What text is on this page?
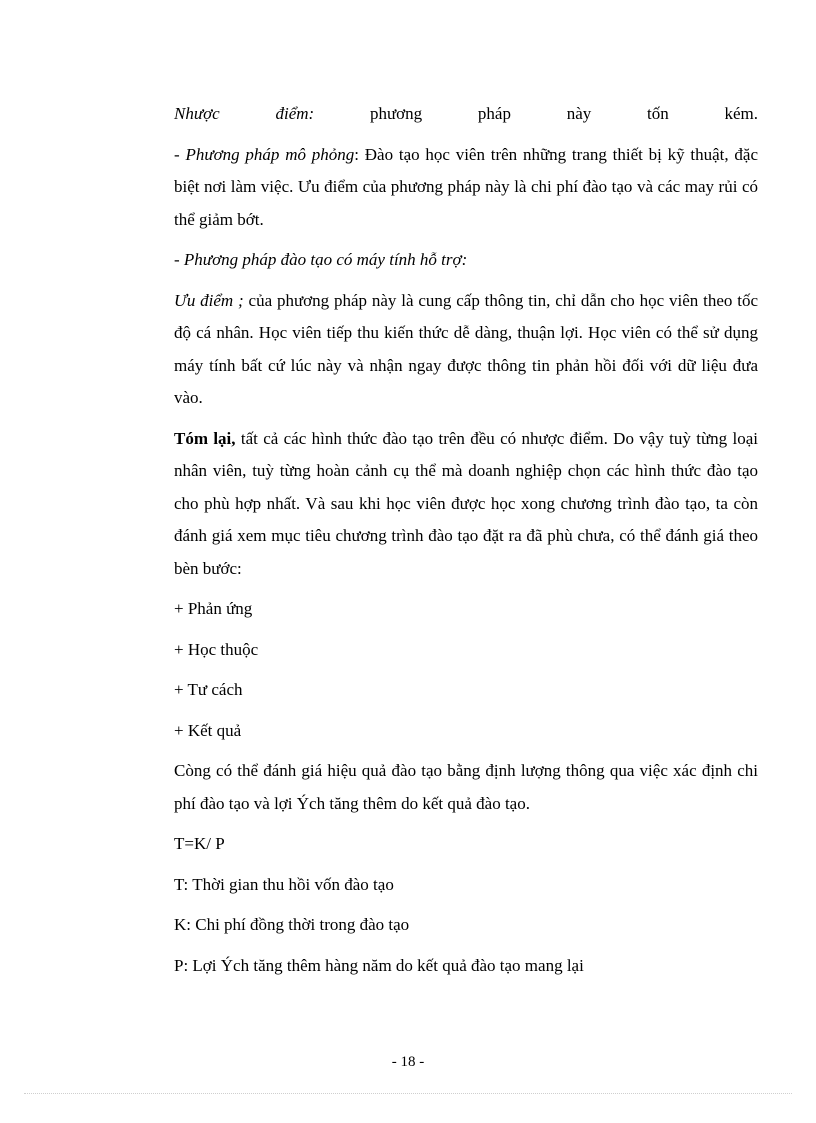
Nhược điểm: phương pháp này tốn kém.

- Phương pháp mô phỏng: Đào tạo học viên trên những trang thiết bị kỹ thuật, đặc biệt nơi làm việc. Ưu điểm của phương pháp này là chi phí đào tạo và các may rủi có thể giảm bớt.

- Phương pháp đào tạo có máy tính hỗ trợ:

Ưu điểm ; của phương pháp này là cung cấp thông tin, chỉ dẫn cho học viên theo tốc độ cá nhân. Học viên tiếp thu kiến thức dễ dàng, thuận lợi. Học viên có thể sử dụng máy tính bất cứ lúc này và nhận ngay được thông tin phản hồi đối với dữ liệu đưa vào.

Tóm lại, tất cả các hình thức đào tạo trên đều có nhược điểm. Do vậy tuỳ từng loại nhân viên, tuỳ từng hoàn cảnh cụ thể mà doanh nghiệp chọn các hình thức đào tạo cho phù hợp nhất. Và sau khi học viên được học xong chương trình đào tạo, ta còn đánh giá xem mục tiêu chương trình đào tạo đặt ra đã phù chưa, có thể đánh giá theo bèn bước:

+ Phản ứng
+ Học thuộc
+ Tư cách
+ Kết quả

Còng có thể đánh giá hiệu quả đào tạo bằng định lượng thông qua việc xác định chi phí đào tạo và lợi Ých tăng thêm do kết quả đào tạo.

T=K/ P
T: Thời gian thu hồi vốn đào tạo
K: Chi phí đồng thời trong đào tạo
P: Lợi Ých tăng thêm hàng năm do kết quả đào tạo mang lại
- 18 -
